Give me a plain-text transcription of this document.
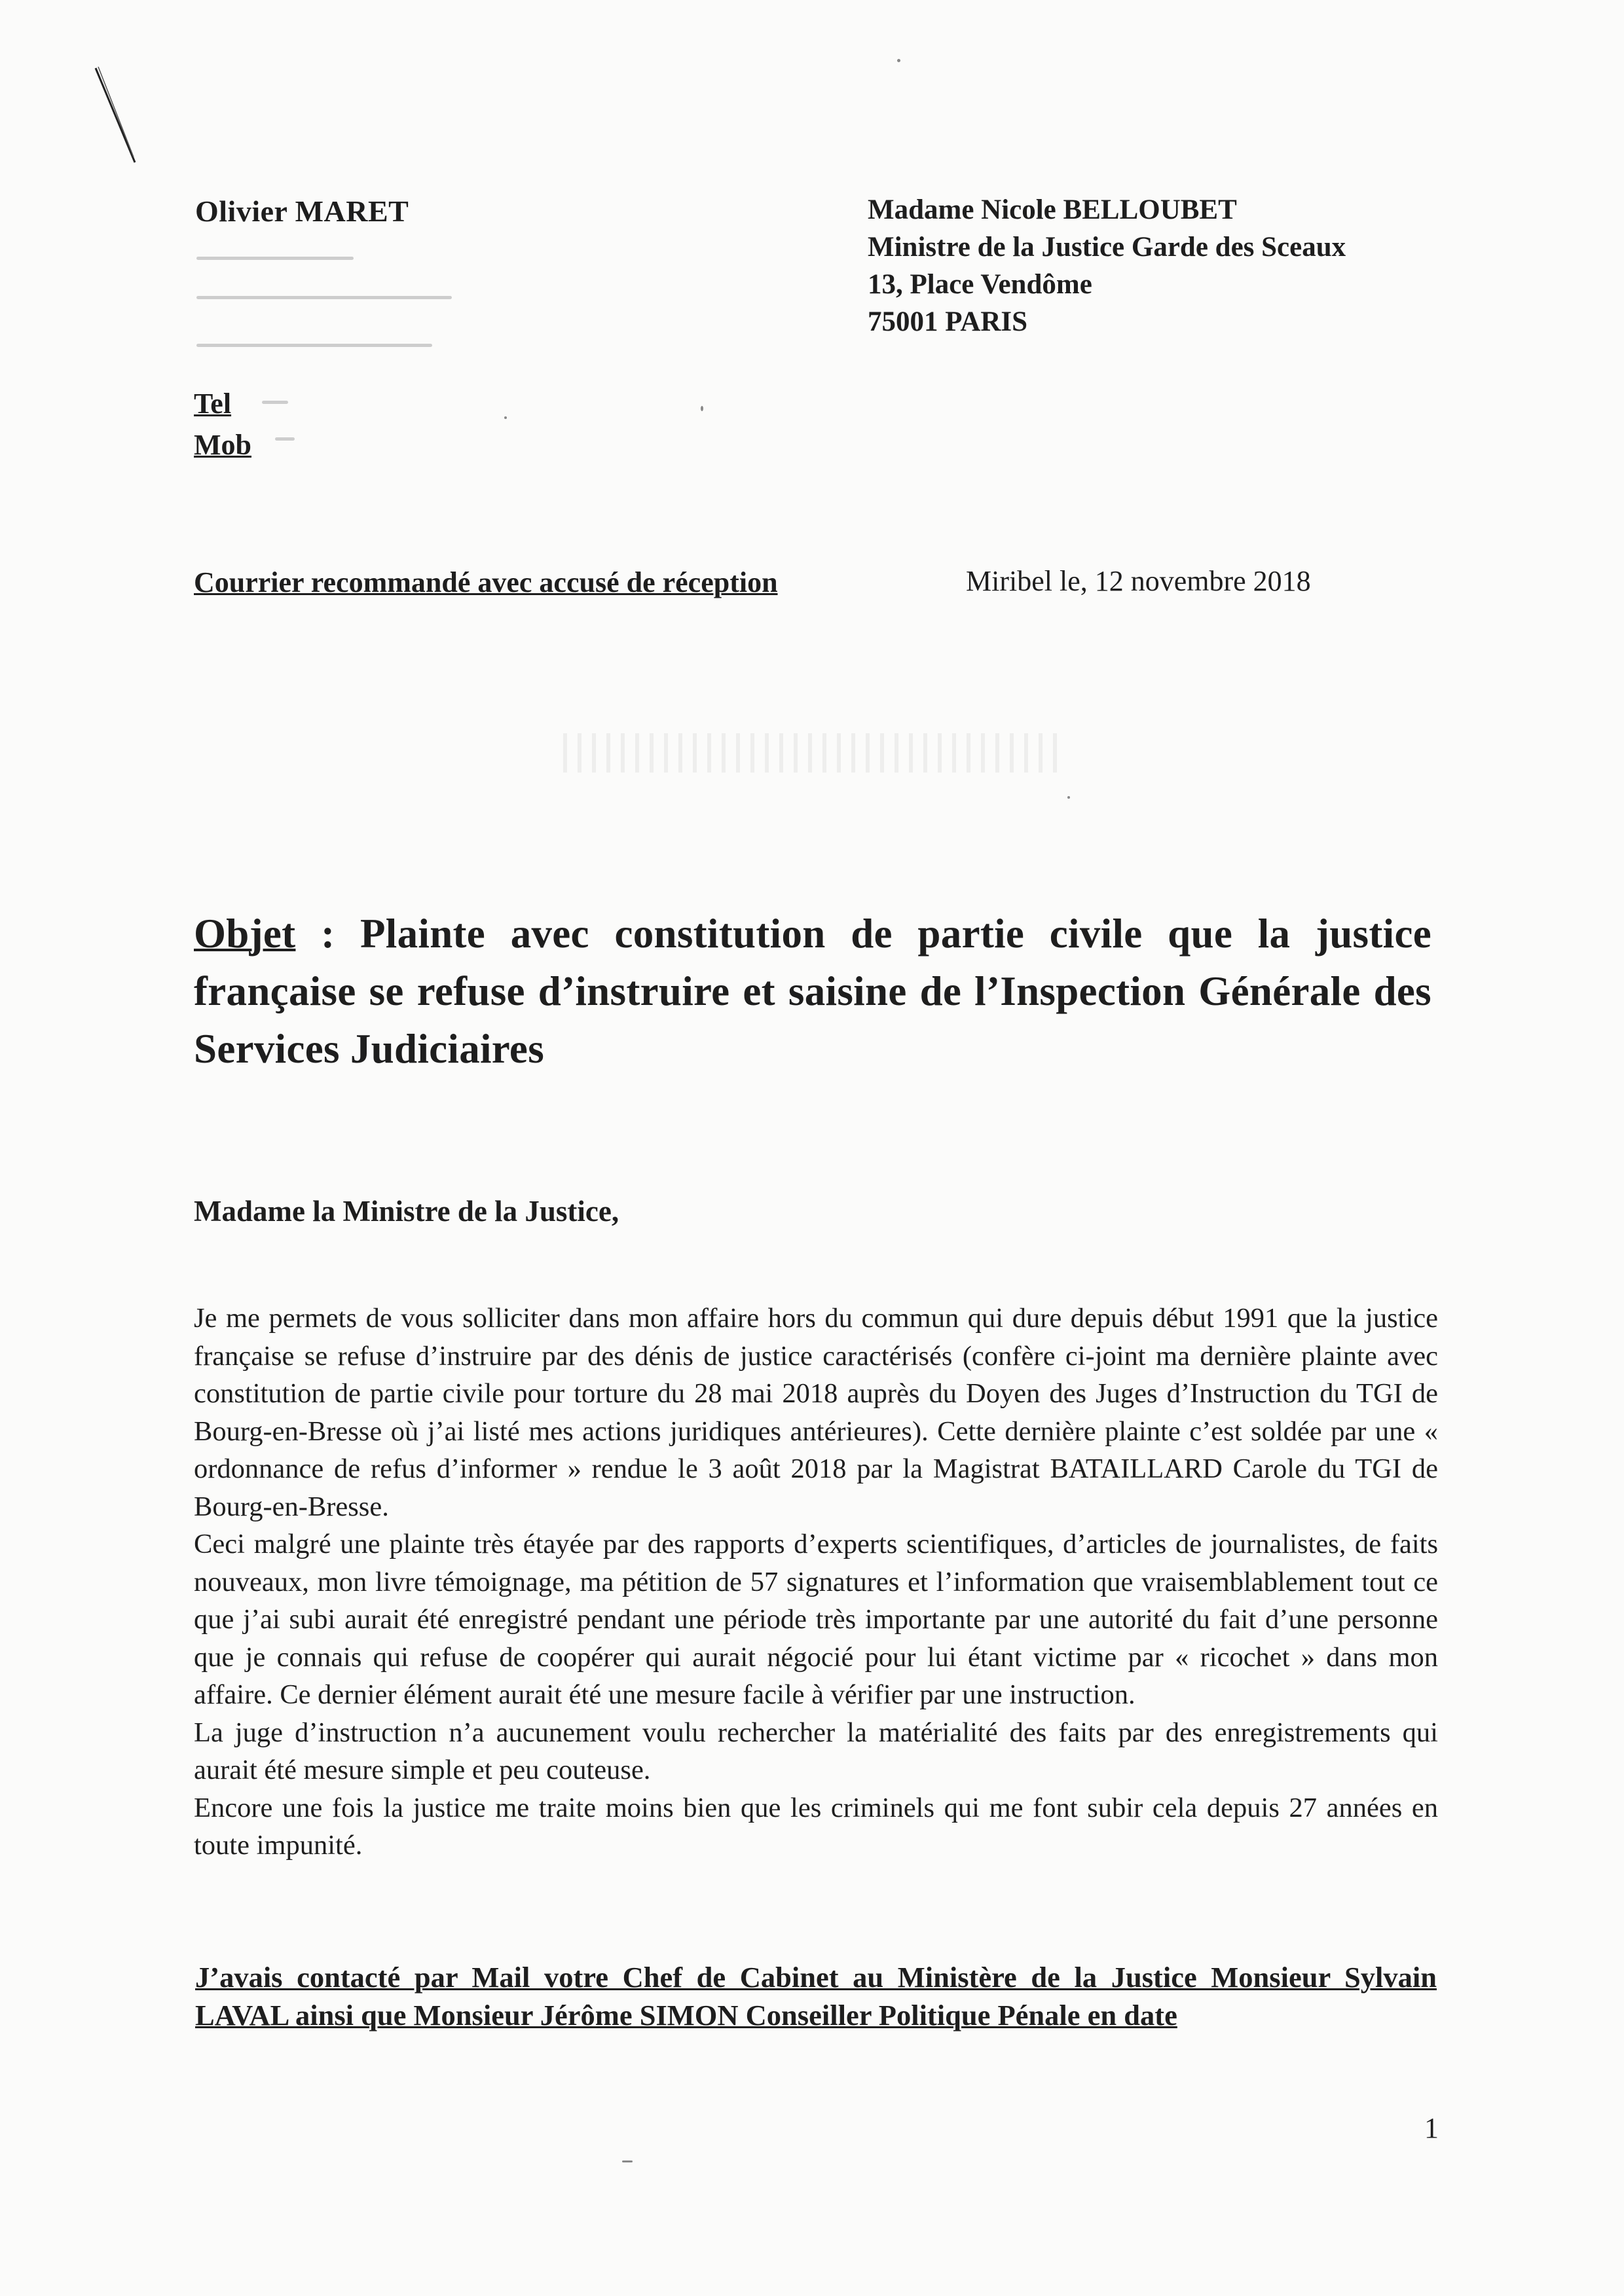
Olivier MARET	Madame Nicole BELLOUBET
Ministre de la Justice Garde des Sceaux
13, Place Vendôme
75001 PARIS
Tel
Mob
Courrier recommandé avec accusé de réception	Miribel le, 12 novembre 2018
Objet : Plainte avec constitution de partie civile que la justice française se refuse d’instruire et saisine de l’Inspection Générale des Services Judiciaires
Madame la Ministre de la Justice,

Je me permets de vous solliciter dans mon affaire hors du commun qui dure depuis début 1991 que la justice française se refuse d’instruire par des dénis de justice caractérisés (confère ci-joint ma dernière plainte avec constitution de partie civile pour torture du 28 mai 2018 auprès du Doyen des Juges d’Instruction du TGI de Bourg-en-Bresse où j’ai listé mes actions juridiques antérieures). Cette dernière plainte c’est soldée par une « ordonnance de refus d’informer » rendue le 3 août 2018 par la Magistrat BATAILLARD Carole du TGI de Bourg-en-Bresse.

Ceci malgré une plainte très étayée par des rapports d’experts scientifiques, d’articles de journalistes, de faits nouveaux, mon livre témoignage, ma pétition de 57 signatures et l’information que vraisemblablement tout ce que j’ai subi aurait été enregistré pendant une période très importante par une autorité du fait d’une personne que je connais qui refuse de coopérer qui aurait négocié pour lui étant victime par « ricochet » dans mon affaire. Ce dernier élément aurait été une mesure facile à vérifier par une instruction.

La juge d’instruction n’a aucunement voulu rechercher la matérialité des faits par des enregistrements qui aurait été mesure simple et peu couteuse.

Encore une fois la justice me traite moins bien que les criminels qui me font subir cela depuis 27 années en toute impunité.

J’avais contacté par Mail votre Chef de Cabinet au Ministère de la Justice Monsieur Sylvain LAVAL ainsi que Monsieur Jérôme SIMON Conseiller Politique Pénale en date
1
